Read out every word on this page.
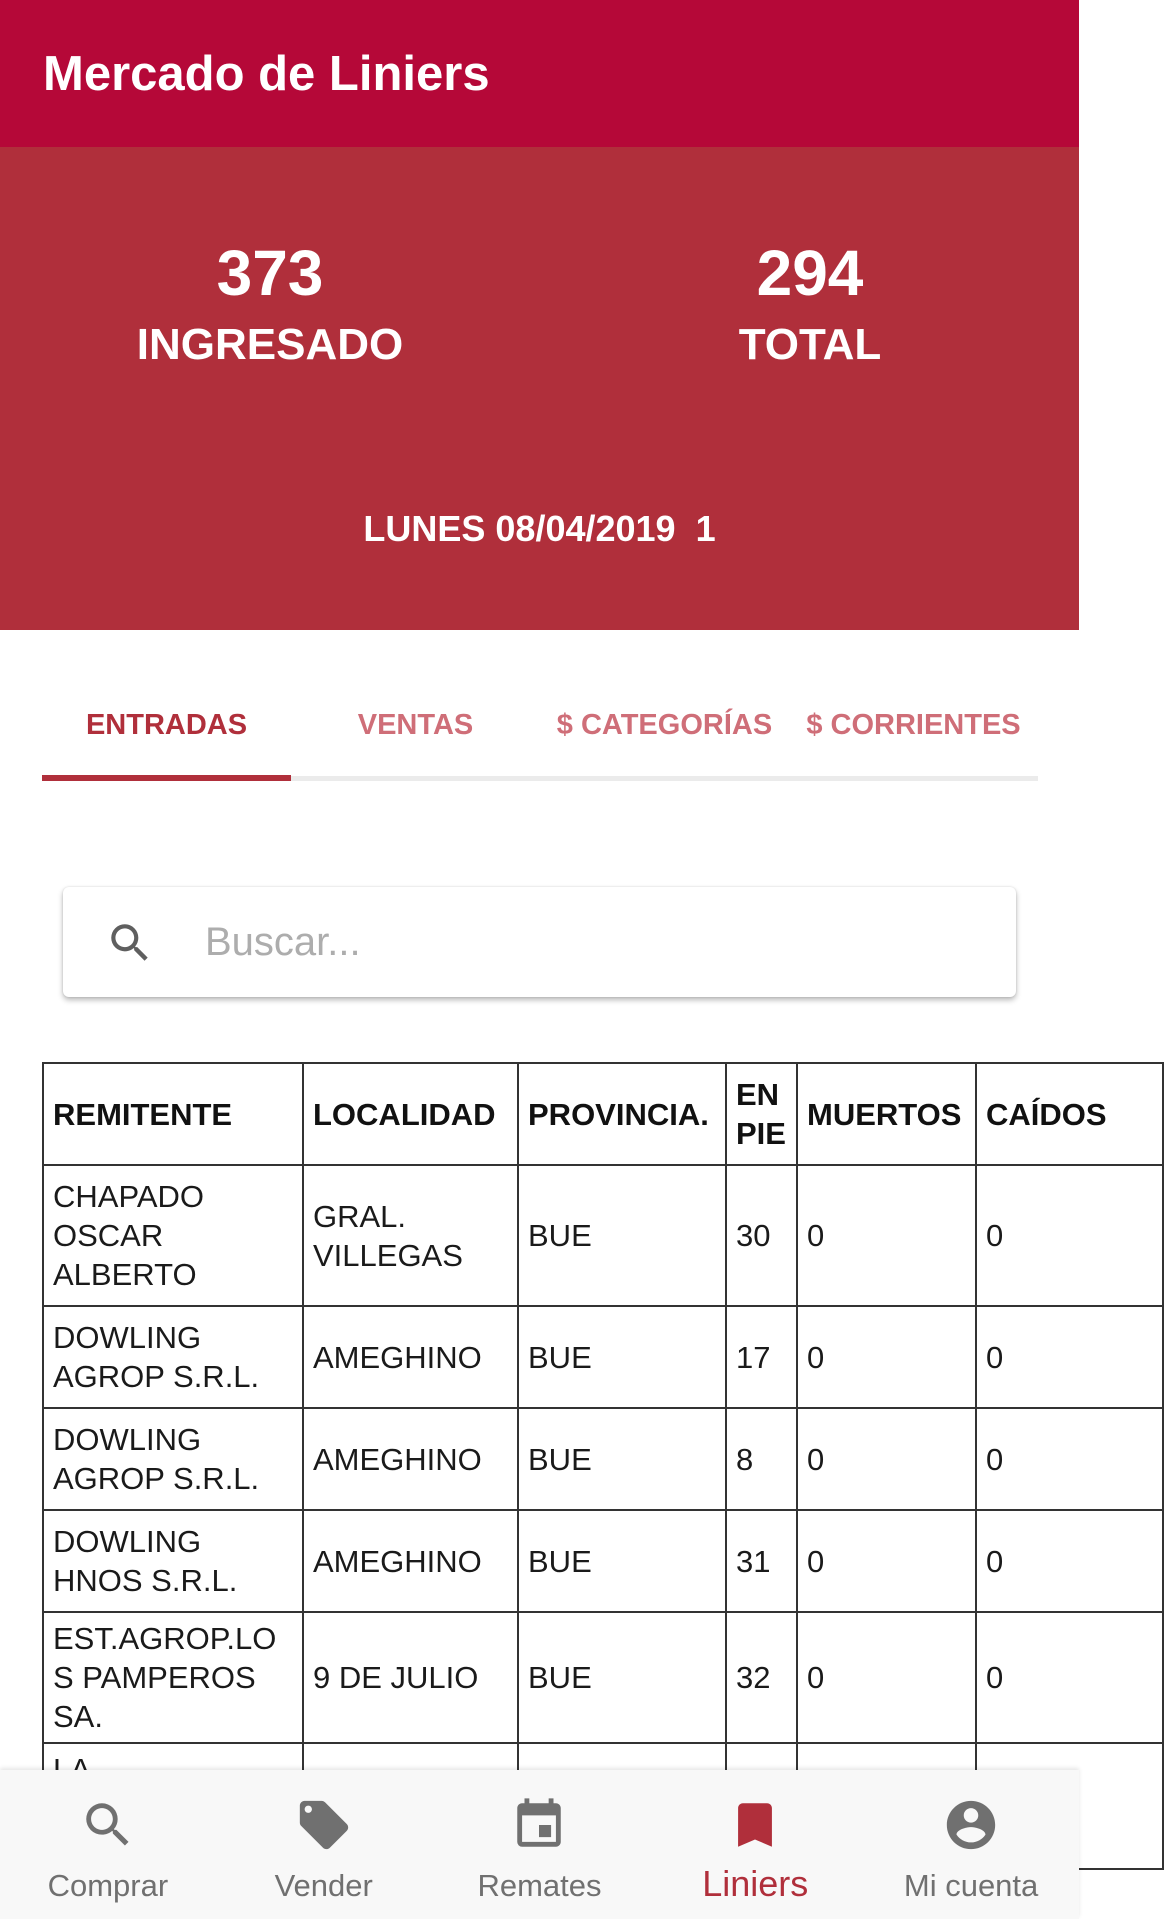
Mercado de Liniers
373
INGRESADO
294
TOTAL
LUNES 08/04/2019  1
ENTRADAS	VENTAS	$ CATEGORÍAS	$ CORRIENTES
Buscar...
REMITENTE	LOCALIDAD	PROVINCIA.	EN PIE	MUERTOS	CAÍDOS
CHAPADO OSCAR ALBERTO	GRAL. VILLEGAS	BUE	30	0	0
DOWLING AGROP S.R.L.	AMEGHINO	BUE	17	0	0
DOWLING AGROP S.R.L.	AMEGHINO	BUE	8	0	0
DOWLING HNOS S.R.L.	AMEGHINO	BUE	31	0	0
EST.AGROP.LOS PAMPEROS SA.	9 DE JULIO	BUE	32	0	0

Comprar	Vender	Remates	Liniers	Mi cuenta
